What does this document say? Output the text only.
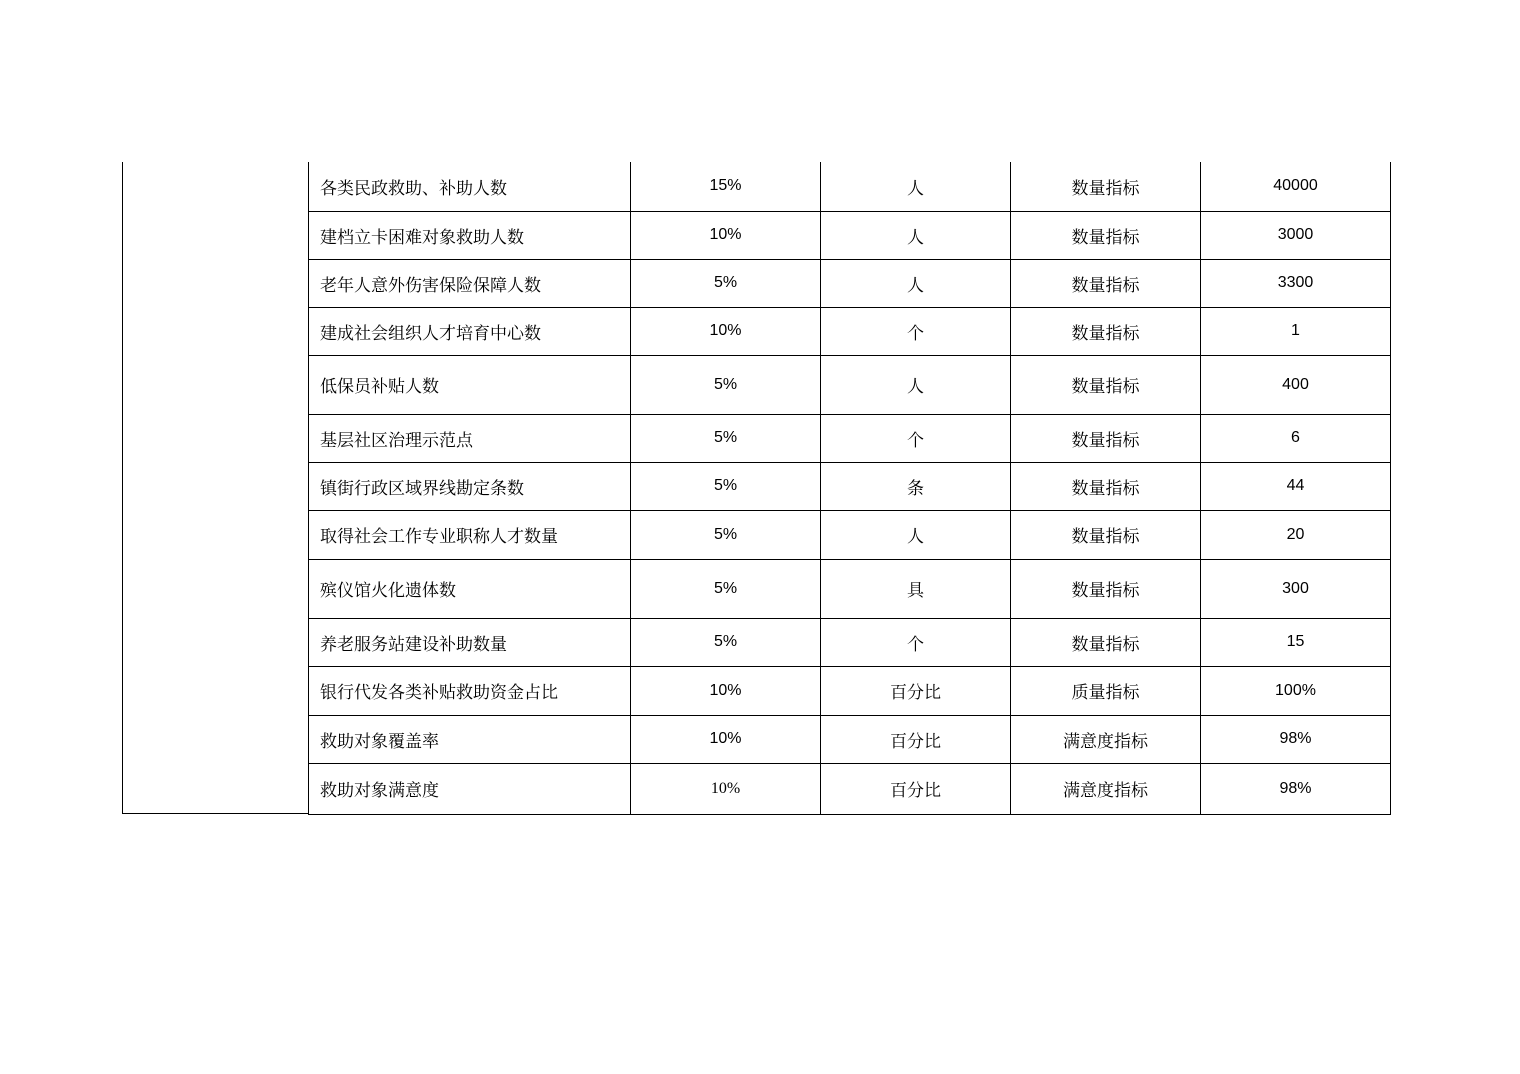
各类民政救助、补助人数	15%	人	数量指标	40000
建档立卡困难对象救助人数	10%	人	数量指标	3000
老年人意外伤害保险保障人数	5%	人	数量指标	3300
建成社会组织人才培育中心数	10%	个	数量指标	1
低保员补贴人数	5%	人	数量指标	400
基层社区治理示范点	5%	个	数量指标	6
镇街行政区域界线勘定条数	5%	条	数量指标	44
取得社会工作专业职称人才数量	5%	人	数量指标	20
殡仪馆火化遗体数	5%	具	数量指标	300
养老服务站建设补助数量	5%	个	数量指标	15
银行代发各类补贴救助资金占比	10%	百分比	质量指标	100%
救助对象覆盖率	10%	百分比	满意度指标	98%
救助对象满意度	10%	百分比	满意度指标	98%
